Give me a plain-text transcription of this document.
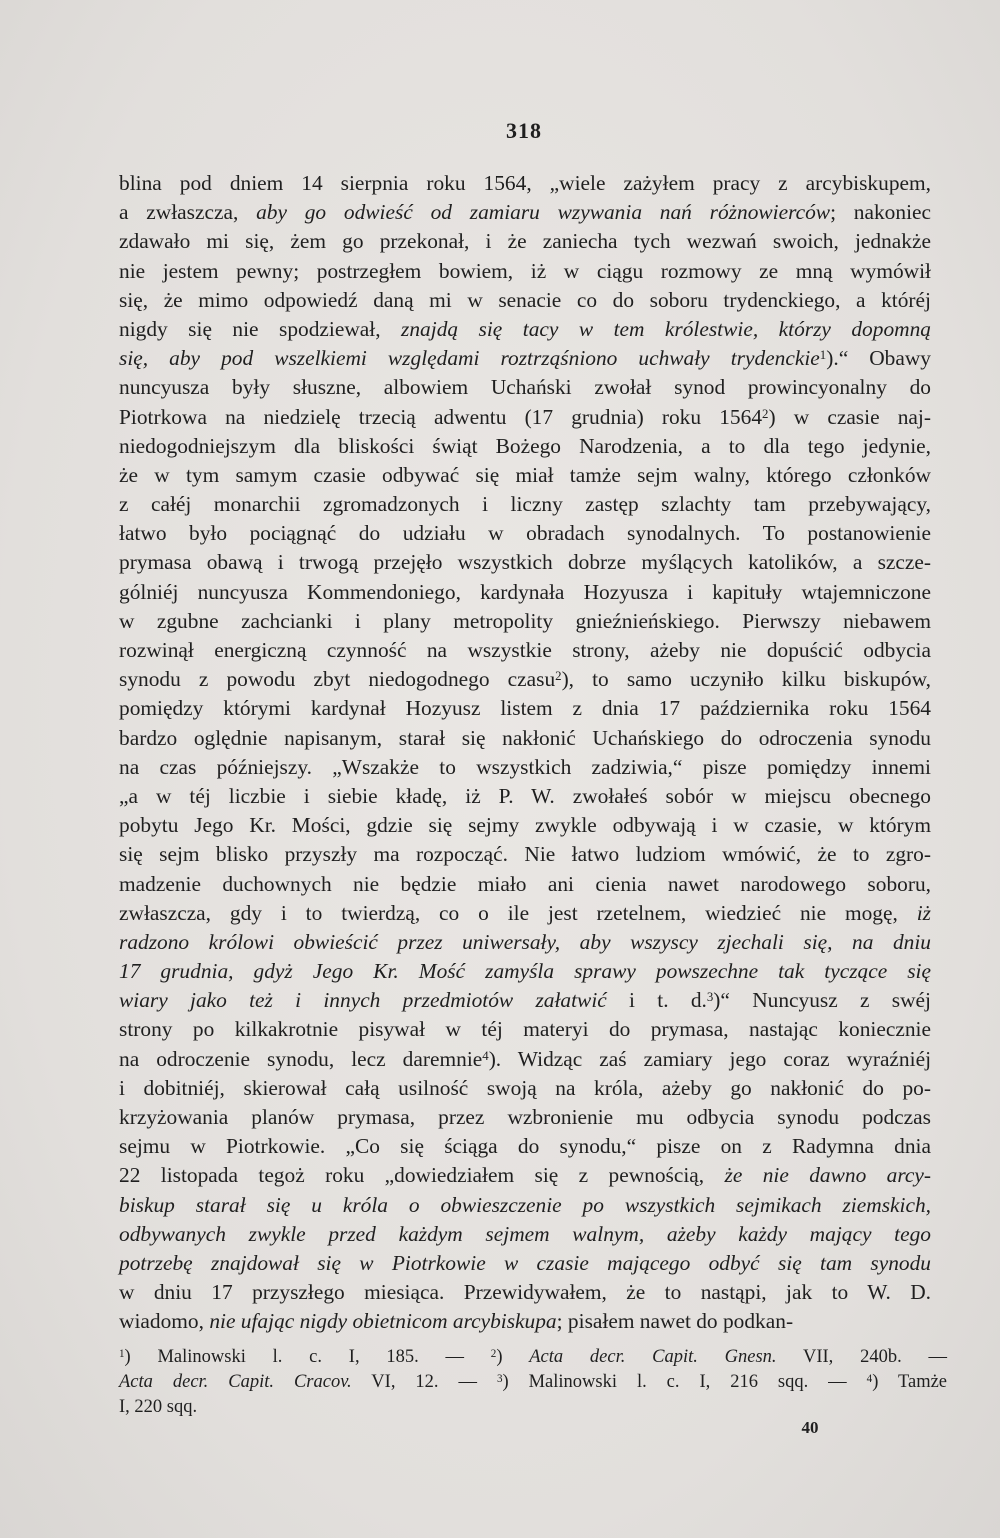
318
blina pod dniem 14 sierpnia roku 1564, „wiele zażyłem pracy z arcybiskupem,
a zwłaszcza, aby go odwieść od zamiaru wzywania nań różnowierców; nakoniec
zdawało mi się, żem go przekonał, i że zaniecha tych wezwań swoich, jednakże
nie jestem pewny; postrzegłem bowiem, iż w ciągu rozmowy ze mną wymówił
się, że mimo odpowiedź daną mi w senacie co do soboru trydenckiego, a któréj
nigdy się nie spodziewał, znajdą się tacy w tem królestwie, którzy dopomną
się, aby pod wszelkiemi względami roztrząśniono uchwały trydenckie$^1$).“ Obawy
nuncyusza były słuszne, albowiem Uchański zwołał synod prowincyonalny do
Piotrkowa na niedzielę trzecią adwentu (17 grudnia) roku 1564$^2$) w czasie naj-
niedogodniejszym dla bliskości świąt Bożego Narodzenia, a to dla tego jedynie,
że w tym samym czasie odbywać się miał tamże sejm walny, którego członków
z całéj monarchii zgromadzonych i liczny zastęp szlachty tam przebywający,
łatwo było pociągnąć do udziału w obradach synodalnych. To postanowienie
prymasa obawą i trwogą przejęło wszystkich dobrze myślących katolików, a szcze-
gólniéj nuncyusza Kommendoniego, kardynała Hozyusza i kapituły wtajemniczone
w zgubne zachcianki i plany metropolity gnieźnieńskiego. Pierwszy niebawem
rozwinął energiczną czynność na wszystkie strony, ażeby nie dopuścić odbycia
synodu z powodu zbyt niedogodnego czasu$^2$), to samo uczyniło kilku biskupów,
pomiędzy którymi kardynał Hozyusz listem z dnia 17 października roku 1564
bardzo oględnie napisanym, starał się nakłonić Uchańskiego do odroczenia synodu
na czas późniejszy. „Wszakże to wszystkich zadziwia,“ pisze pomiędzy innemi
„a w téj liczbie i siebie kładę, iż P. W. zwołałeś sobór w miejscu obecnego
pobytu Jego Kr. Mości, gdzie się sejmy zwykle odbywają i w czasie, w którym
się sejm blisko przyszły ma rozpocząć. Nie łatwo ludziom wmówić, że to zgro-
madzenie duchownych nie będzie miało ani cienia nawet narodowego soboru,
zwłaszcza, gdy i to twierdzą, co o ile jest rzetelnem, wiedzieć nie mogę, iż
radzono królowi obwieścić przez uniwersały, aby wszyscy zjechali się, na dniu
17 grudnia, gdyż Jego Kr. Mość zamyśla sprawy powszechne tak tyczące się
wiary jako też i innych przedmiotów załatwić i t. d.$^3$)“ Nuncyusz z swéj
strony po kilkakrotnie pisywał w téj materyi do prymasa, nastając koniecznie
na odroczenie synodu, lecz daremnie$^4$). Widząc zaś zamiary jego coraz wyraźniéj
i dobitniéj, skierował całą usilność swoją na króla, ażeby go nakłonić do po-
krzyżowania planów prymasa, przez wzbronienie mu odbycia synodu podczas
sejmu w Piotrkowie. „Co się ściąga do synodu,“ pisze on z Radymna dnia
22 listopada tegoż roku „dowiedziałem się z pewnością, że nie dawno arcy-
biskup starał się u króla o obwieszczenie po wszystkich sejmikach ziemskich,
odbywanych zwykle przed każdym sejmem walnym, ażeby każdy mający tego
potrzebę znajdował się w Piotrkowie w czasie mającego odbyć się tam synodu
w dniu 17 przyszłego miesiąca. Przewidywałem, że to nastąpi, jak to W. D.
wiadomo, nie ufając nigdy obietnicom arcybiskupa; pisałem nawet do podkan-
$^1$) Malinowski l. c. I, 185. — $^2$) Acta decr. Capit. Gnesn. VII, 240b. —
Acta decr. Capit. Cracov. VI, 12. — $^3$) Malinowski l. c. I, 216 sqq. — $^4$) Tamże
I, 220 sqq.
40
